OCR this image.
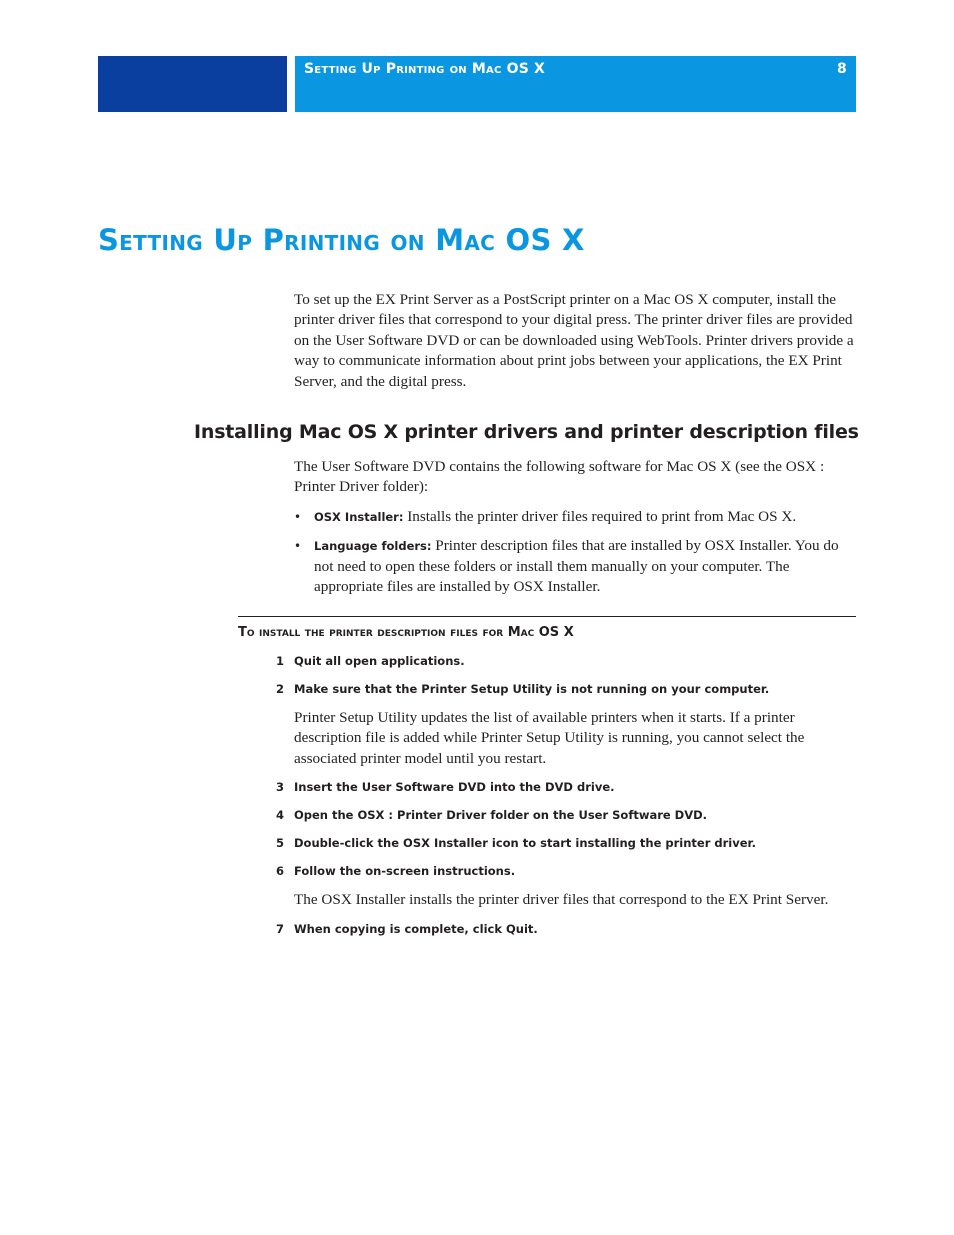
Setting Up Printing on Mac OS X	8
Setting Up Printing on Mac OS X

To set up the EX Print Server as a PostScript printer on a Mac OS X computer, install the printer driver files that correspond to your digital press. The printer driver files are provided on the User Software DVD or can be downloaded using WebTools. Printer drivers provide a way to communicate information about print jobs between your applications, the EX Print Server, and the digital press.

Installing Mac OS X printer drivers and printer description files

The User Software DVD contains the following software for Mac OS X (see the OSX : Printer Driver folder):

• OSX Installer: Installs the printer driver files required to print from Mac OS X.
• Language folders: Printer description files that are installed by OSX Installer. You do not need to open these folders or install them manually on your computer. The appropriate files are installed by OSX Installer.
To install the printer description files for Mac OS X

1 Quit all open applications.

2 Make sure that the Printer Setup Utility is not running on your computer.

Printer Setup Utility updates the list of available printers when it starts. If a printer description file is added while Printer Setup Utility is running, you cannot select the associated printer model until you restart.

3 Insert the User Software DVD into the DVD drive.

4 Open the OSX : Printer Driver folder on the User Software DVD.

5 Double-click the OSX Installer icon to start installing the printer driver.

6 Follow the on-screen instructions.

The OSX Installer installs the printer driver files that correspond to the EX Print Server.

7 When copying is complete, click Quit.
